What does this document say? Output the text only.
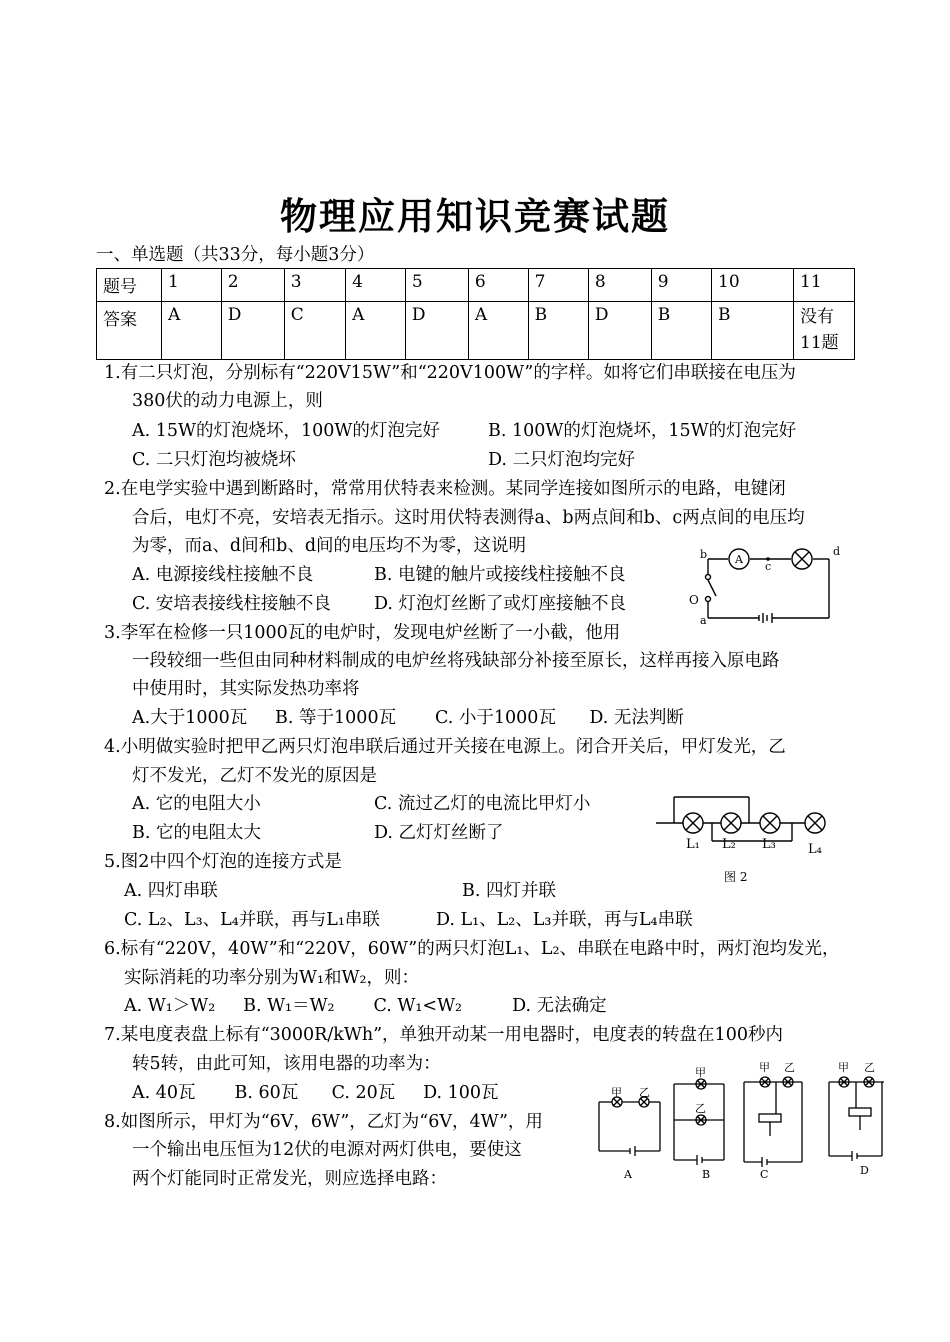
物理应用知识竞赛试题
一、单选题（共33分，每小题3分）
题号	1	2	3	4	5	6	7	8	9	10	11
答案	A	D	C	A	D	A	B	D	B	B	没有11题
1.有二只灯泡，分别标有“220V15W”和“220V100W”的字样。如将它们串联接在电压为
380伏的动力电源上，则
A. 15W的灯泡烧坏，100W的灯泡完好	B. 100W的灯泡烧坏，15W的灯泡完好
C. 二只灯泡均被烧坏	D. 二只灯泡均完好
2.在电学实验中遇到断路时，常常用伏特表来检测。某同学连接如图所示的电路，电键闭
合后，电灯不亮，安培表无指示。这时用伏特表测得a、b两点间和b、c两点间的电压均
为零，而a、d间和b、d间的电压均不为零，这说明
A. 电源接线柱接触不良	B. 电键的触片或接线柱接触不良
C. 安培表接线柱接触不良 D. 灯泡灯丝断了或灯座接触不良
A
b
c
d
a
O
3.李军在检修一只1000瓦的电炉时，发现电炉丝断了一小截，他用
一段较细一些但由同种材料制成的电炉丝将残缺部分补接至原长，这样再接入原电路
中使用时，其实际发热功率将
A.大于1000瓦     B. 等于1000瓦       C. 小于1000瓦      D. 无法判断
4.小明做实验时把甲乙两只灯泡串联后通过开关接在电源上。闭合开关后，甲灯发光，乙
灯不发光，乙灯不发光的原因是
A. 它的电阻大小	C. 流过乙灯的电流比甲灯小
B. 它的电阻太大	D. 乙灯灯丝断了
L₁ L₂ L₃ L₄
图 2
5.图2中四个灯泡的连接方式是
A. 四灯串联	B. 四灯并联
C. L₂、L₃、L₄并联，再与L₁串联	D. L₁、L₂、L₃并联，再与L₄串联
6.标有“220V，40W”和“220V，60W”的两只灯泡L₁、L₂、串联在电路中时，两灯泡均发光，
实际消耗的功率分别为W₁和W₂，则：
A. W₁＞W₂     B. W₁＝W₂       C. W₁<W₂         D. 无法确定
7.某电度表盘上标有“3000R/kWh”，单独开动某一用电器时，电度表的转盘在100秒内
转5转，由此可知，该用电器的功率为：
A. 40瓦       B. 60瓦      C. 20瓦     D. 100瓦
8.如图所示，甲灯为“6V，6W”，乙灯为“6V，4W”，用
一个输出电压恒为12伏的电源对两灯供电，要使这
两个灯能同时正常发光，则应选择电路：
甲 乙
甲
乙
甲 乙	甲 乙
A	B	C	D
